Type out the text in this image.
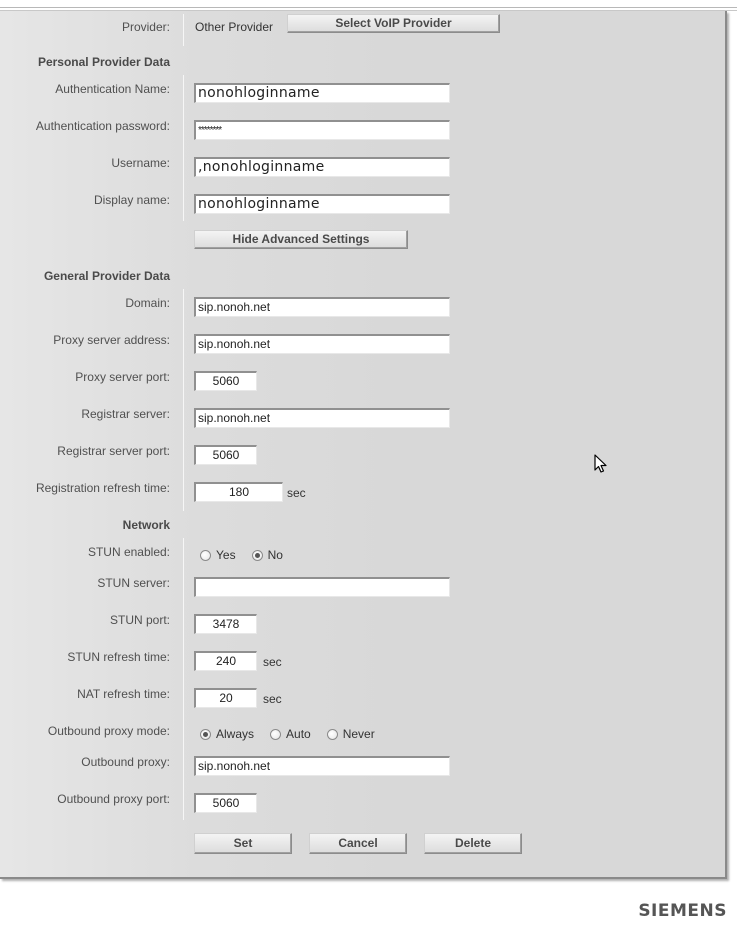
Provider: Other Provider	Select VoIP Provider
Personal Provider Data
Authentication Name: nonohloginname
Authentication password:	********
Username: ,nonohloginname
Display name: nonohloginname
Hide Advanced Settings
General Provider Data
Domain:	sip.nonoh.net
Proxy server address:	sip.nonoh.net
Proxy server port:	5060
Registrar server:	sip.nonoh.net
Registrar server port:	5060
Registration refresh time:	180	sec
Network
STUN enabled:	Yes	No
STUN server:
STUN port:	3478
STUN refresh time:	240	sec
NAT refresh time:	20	sec
Outbound proxy mode:	Always	Auto	Never
Outbound proxy:	sip.nonoh.net
Outbound proxy port:	5060
Set	Cancel	Delete
SIEMENS
